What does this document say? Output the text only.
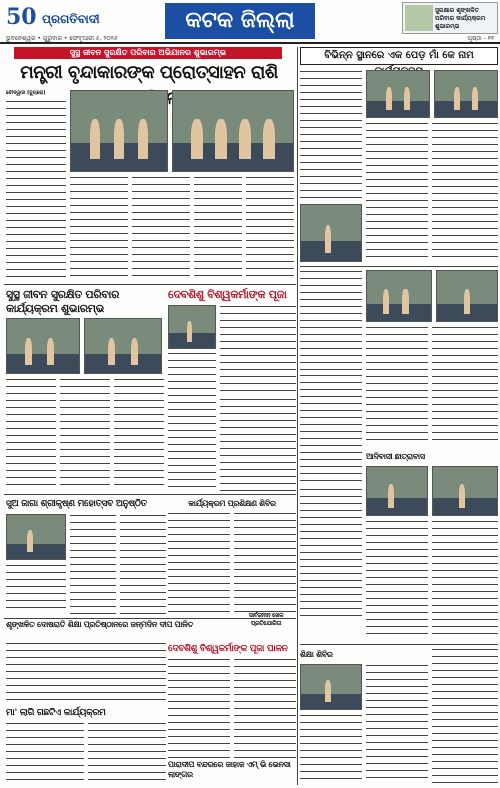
50 ପ୍ରଗତିବାଦୀ
ଭୁବନେଶ୍ୱର • ଗୁରୁବାର • ଫେବୃଆରୀ ୫, ୨୦୨୬
କଟକ ଜିଲ୍ଲା	ସୁରକ୍ଷାର ଶୃଙ୍ଖଳିତ ପରିବାର କାର୍ଯ୍ୟକ୍ରମ ଶୁଭାରମ୍ଭ
ପୃଷ୍ଠା - ୧୧
ସୁସ୍ଥ ଜୀବନ ସୁରକ୍ଷିତ ପରିବାର ଅଭିଯାନର ଶୁଭାରମ୍ଭ
ମନ୍ତ୍ରୀ ବୃନ୍ଦାକାରଙ୍କ ପ୍ରୋତ୍ସାହନ ରାଶି
ଚୌଦ୍ୱାର (ବ୍ୟୁରୋ)
ସୁସ୍ଥ ଜୀବନ ସୁରକ୍ଷିତ ପରିବାର କାର୍ଯ୍ୟକ୍ରମ ଶୁଭାରମ୍ଭ
ଦେବଶିଶୁ ବିଶ୍ୱକର୍ମାଙ୍କ ପୂଜା
ସୁଅ ଜାଗା ଶ୍ରୀକୃଷ୍ଣ ମହୋତ୍ସବ ଅନୁଷ୍ଠିତ	କାର୍ଯ୍ୟକ୍ରମ ପ୍ରଶିକ୍ଷଣ ଶିବିର
ଶୃଙ୍ଖଳିତ ଦୋଷରାତି ଶିକ୍ଷା ପ୍ରତିଷ୍ଠାନରେ ଜନ୍ମଦିନ ଦୀପ ପାଳିତ
ଦେବଶିଶୁ ବିଶ୍ୱକର୍ମାଙ୍କ ପୂଜା ପାଳନ
ମା' ଲାଗି ଗଛଟିଏ କାର୍ଯ୍ୟକ୍ରମ
ସାର୍ବଜନୀନ ଖେଳ ପ୍ରତିଯୋଗିତା
ପାରାଦୀପ ବନ୍ଦରରେ ଜାହାଜ ଏମ୍ ଭି ଭେନସା ଲାଙ୍ଗର
ବିଭିନ୍ନ ସ୍ଥାନରେ ଏକ ପେଡ଼ ମାଁ କେ ନାମ
ଆଦିବାସୀ ଛାତ୍ରାବାସ
ଶିକ୍ଷା ଶିବିର
